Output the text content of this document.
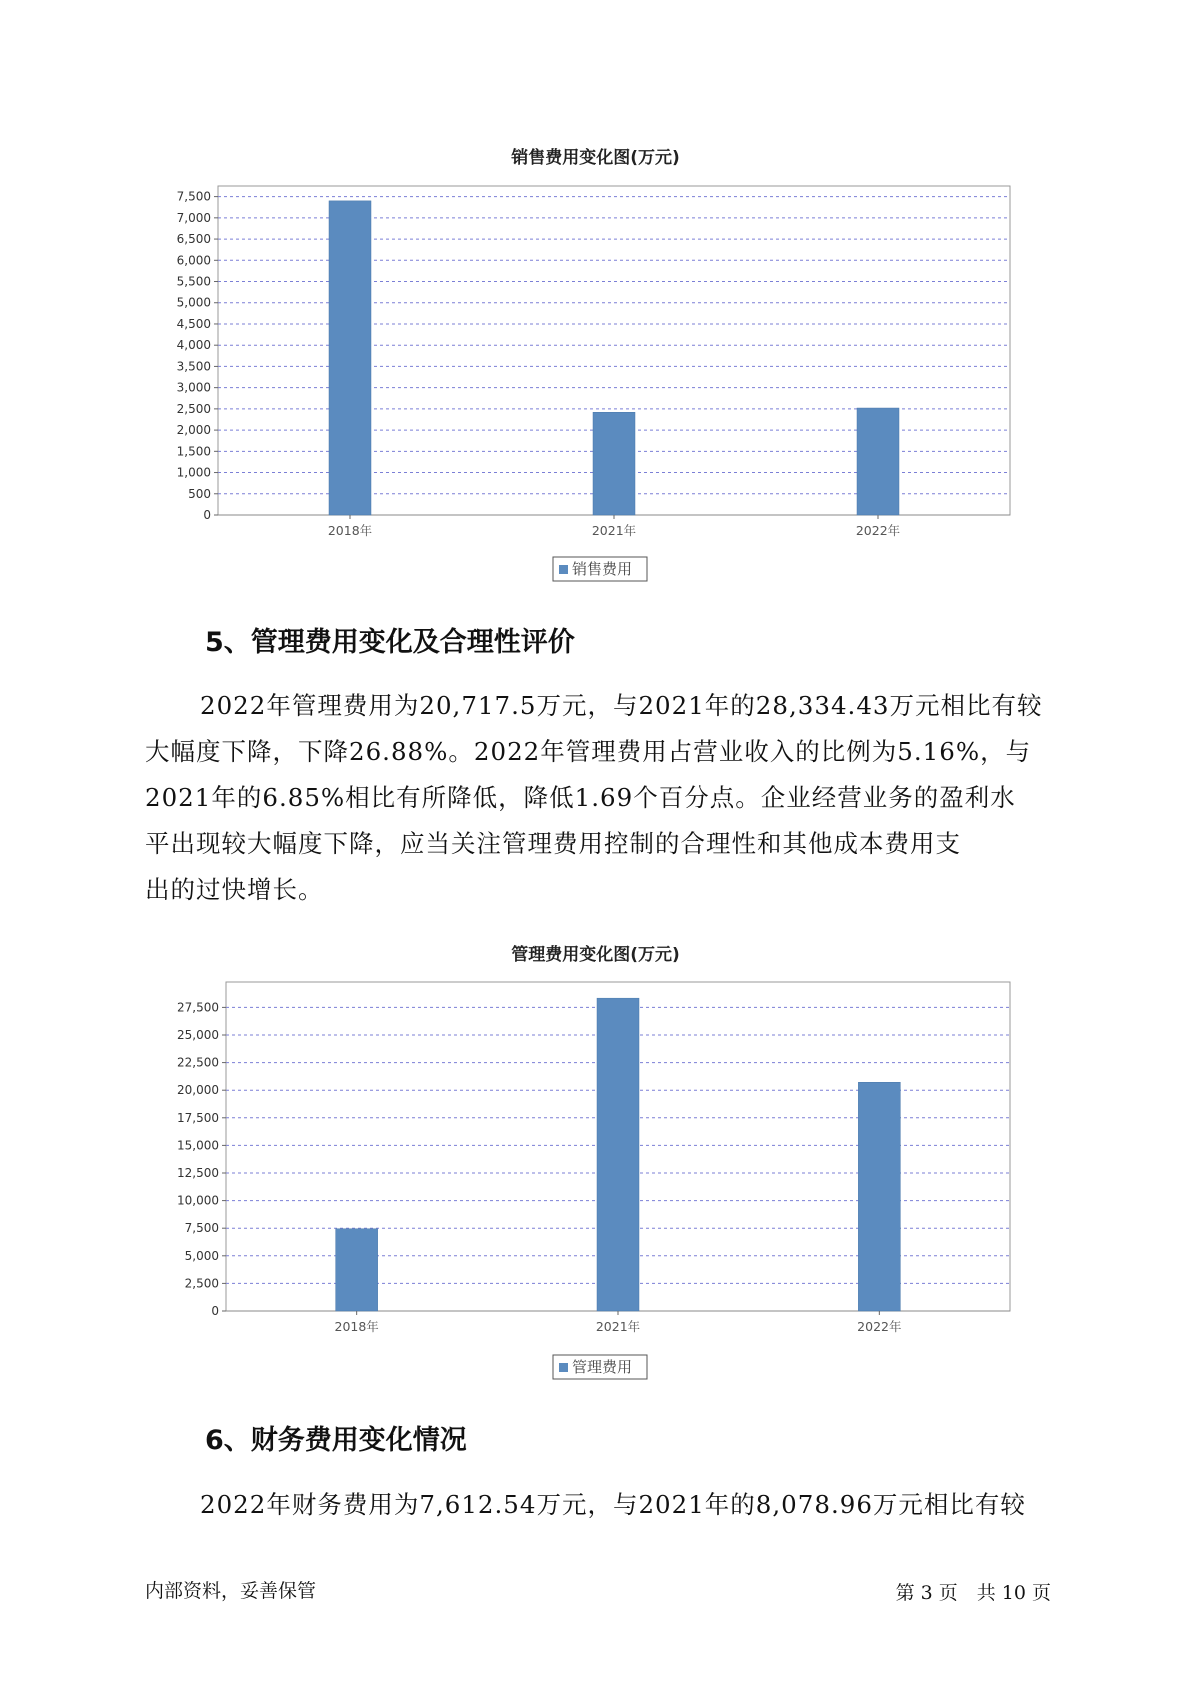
销售费用变化图(万元)
0
500
1,000
1,500
2,000
2,500
3,000
3,500
4,000
4,500
5,000
5,500
6,000
6,500
7,000
7,500
2018年	2021年	2022年
销售费用
5、管理费用变化及合理性评价
2022年管理费用为20,717.5万元，与2021年的28,334.43万元相比有较
大幅度下降，下降26.88%。2022年管理费用占营业收入的比例为5.16%，与
2021年的6.85%相比有所降低，降低1.69个百分点。企业经营业务的盈利水
平出现较大幅度下降，应当关注管理费用控制的合理性和其他成本费用支
出的过快增长。
管理费用变化图(万元)
0
2,500
5,000
7,500
10,000
12,500
15,000
17,500
20,000
22,500
25,000
27,500
2018年	2021年	2022年
管理费用
6、财务费用变化情况
2022年财务费用为7,612.54万元，与2021年的8,078.96万元相比有较
内部资料，妥善保管	第 3 页　共 10 页
